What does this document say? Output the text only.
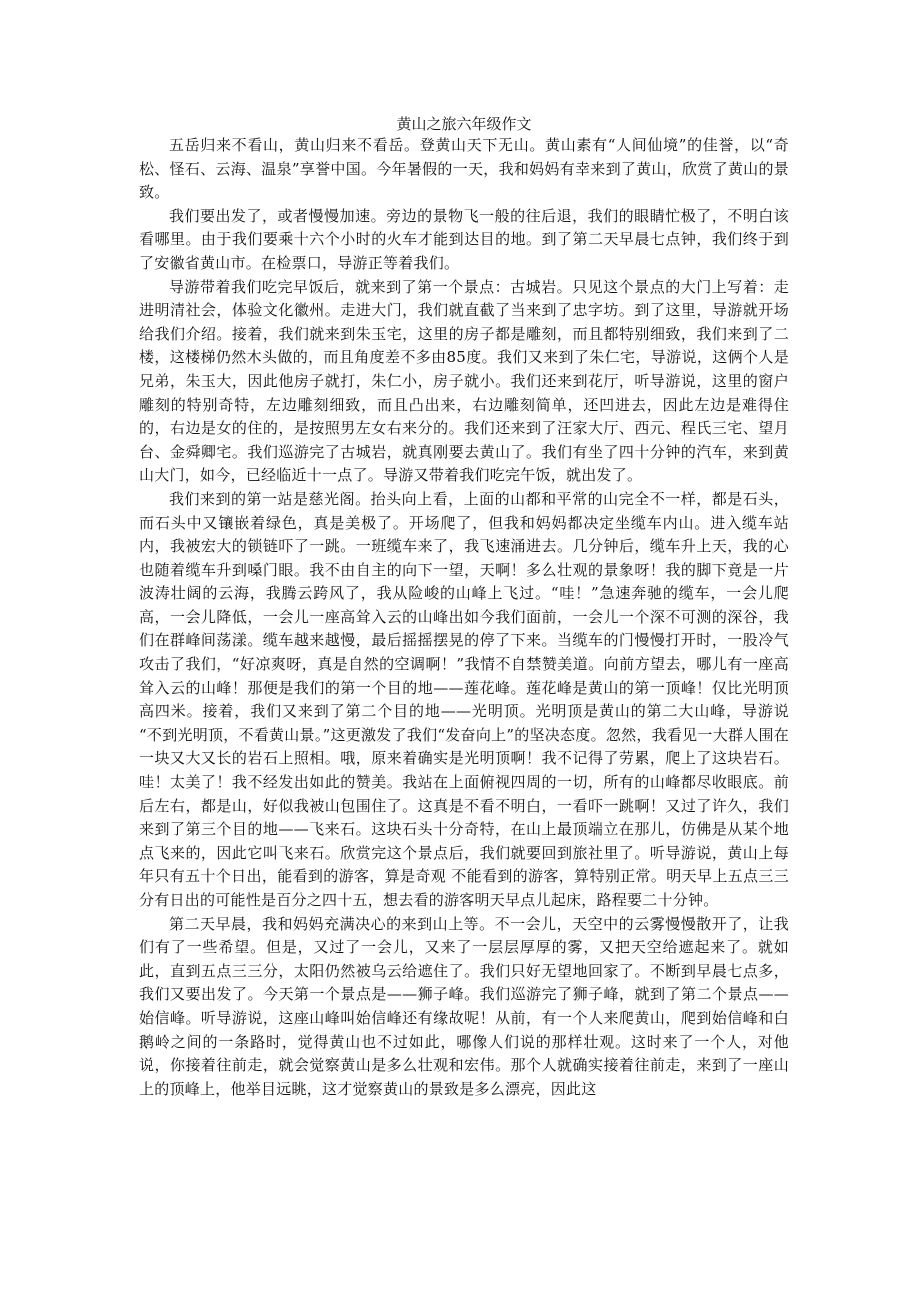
黄山之旅六年级作文

五岳归来不看山，黄山归来不看岳。登黄山天下无山。黄山素有“人间仙境”的佳誉，以“奇松、怪石、云海、温泉”享誉中国。今年暑假的一天，我和妈妈有幸来到了黄山，欣赏了黄山的景致。

我们要出发了，或者慢慢加速。旁边的景物飞一般的往后退，我们的眼睛忙极了，不明白该看哪里。由于我们要乘十六个小时的火车才能到达目的地。到了第二天早晨七点钟，我们终于到了安徽省黄山市。在检票口，导游正等着我们。

导游带着我们吃完早饭后，就来到了第一个景点：古城岩。只见这个景点的大门上写着：走进明清社会，体验文化徽州。走进大门，我们就直截了当来到了忠字坊。到了这里，导游就开场给我们介绍。接着，我们就来到朱玉宅，这里的房子都是雕刻，而且都特别细致，我们来到了二楼，这楼梯仍然木头做的，而且角度差不多由85度。我们又来到了朱仁宅，导游说，这俩个人是兄弟，朱玉大，因此他房子就打，朱仁小，房子就小。我们还来到花厅，听导游说，这里的窗户雕刻的特别奇特，左边雕刻细致，而且凸出来，右边雕刻简单，还凹进去，因此左边是难得住的，右边是女的住的，是按照男左女右来分的。我们还来到了汪家大厅、西元、程氏三宅、望月台、金舜卿宅。我们巡游完了古城岩，就真刚要去黄山了。我们有坐了四十分钟的汽车，来到黄山大门，如今，已经临近十一点了。导游又带着我们吃完午饭，就出发了。

我们来到的第一站是慈光阁。抬头向上看，上面的山都和平常的山完全不一样，都是石头，而石头中又镶嵌着绿色，真是美极了。开场爬了，但我和妈妈都决定坐缆车内山。进入缆车站内，我被宏大的锁链吓了一跳。一班缆车来了，我飞速涌进去。几分钟后，缆车升上天，我的心也随着缆车升到嗓门眼。我不由自主的向下一望，天啊！多么壮观的景象呀！我的脚下竟是一片波涛壮阔的云海，我腾云跨风了，我从险峻的山峰上飞过。“哇！”急速奔驰的缆车，一会儿爬高，一会儿降低，一会儿一座高耸入云的山峰出如今我们面前，一会儿一个深不可测的深谷，我们在群峰间荡漾。缆车越来越慢，最后摇摇摆晃的停了下来。当缆车的门慢慢打开时，一股冷气攻击了我们，“好凉爽呀，真是自然的空调啊！”我情不自禁赞美道。向前方望去，哪儿有一座高耸入云的山峰！那便是我们的第一个目的地——莲花峰。莲花峰是黄山的第一顶峰！仅比光明顶高四米。接着，我们又来到了第二个目的地——光明顶。光明顶是黄山的第二大山峰，导游说 “不到光明顶，不看黄山景。”这更激发了我们“发奋向上”的坚决态度。忽然，我看见一大群人围在一块又大又长的岩石上照相。哦，原来着确实是光明顶啊！我不记得了劳累，爬上了这块岩石。哇！太美了！我不经发出如此的赞美。我站在上面俯视四周的一切，所有的山峰都尽收眼底。前后左右，都是山，好似我被山包围住了。这真是不看不明白，一看吓一跳啊！又过了许久，我们来到了第三个目的地——飞来石。这块石头十分奇特，在山上最顶端立在那儿，仿佛是从某个地点飞来的，因此它叫飞来石。欣赏完这个景点后，我们就要回到旅社里了。听导游说，黄山上每年只有五十个日出，能看到的游客，算是奇观 不能看到的游客，算特别正常。明天早上五点三三分有日出的可能性是百分之四十五，想去看的游客明天早点儿起床，路程要二十分钟。

第二天早晨，我和妈妈充满决心的来到山上等。不一会儿，天空中的云雾慢慢散开了，让我们有了一些希望。但是，又过了一会儿，又来了一层层厚厚的雾，又把天空给遮起来了。就如此，直到五点三三分，太阳仍然被乌云给遮住了。我们只好无望地回家了。不断到早晨七点多，我们又要出发了。今天第一个景点是——狮子峰。我们巡游完了狮子峰，就到了第二个景点——始信峰。听导游说，这座山峰叫始信峰还有缘故呢！从前，有一个人来爬黄山，爬到始信峰和白鹅岭之间的一条路时，觉得黄山也不过如此，哪像人们说的那样壮观。这时来了一个人，对他说，你接着往前走，就会觉察黄山是多么壮观和宏伟。那个人就确实接着往前走，来到了一座山上的顶峰上，他举目远眺，这才觉察黄山的景致是多么漂亮，因此这
